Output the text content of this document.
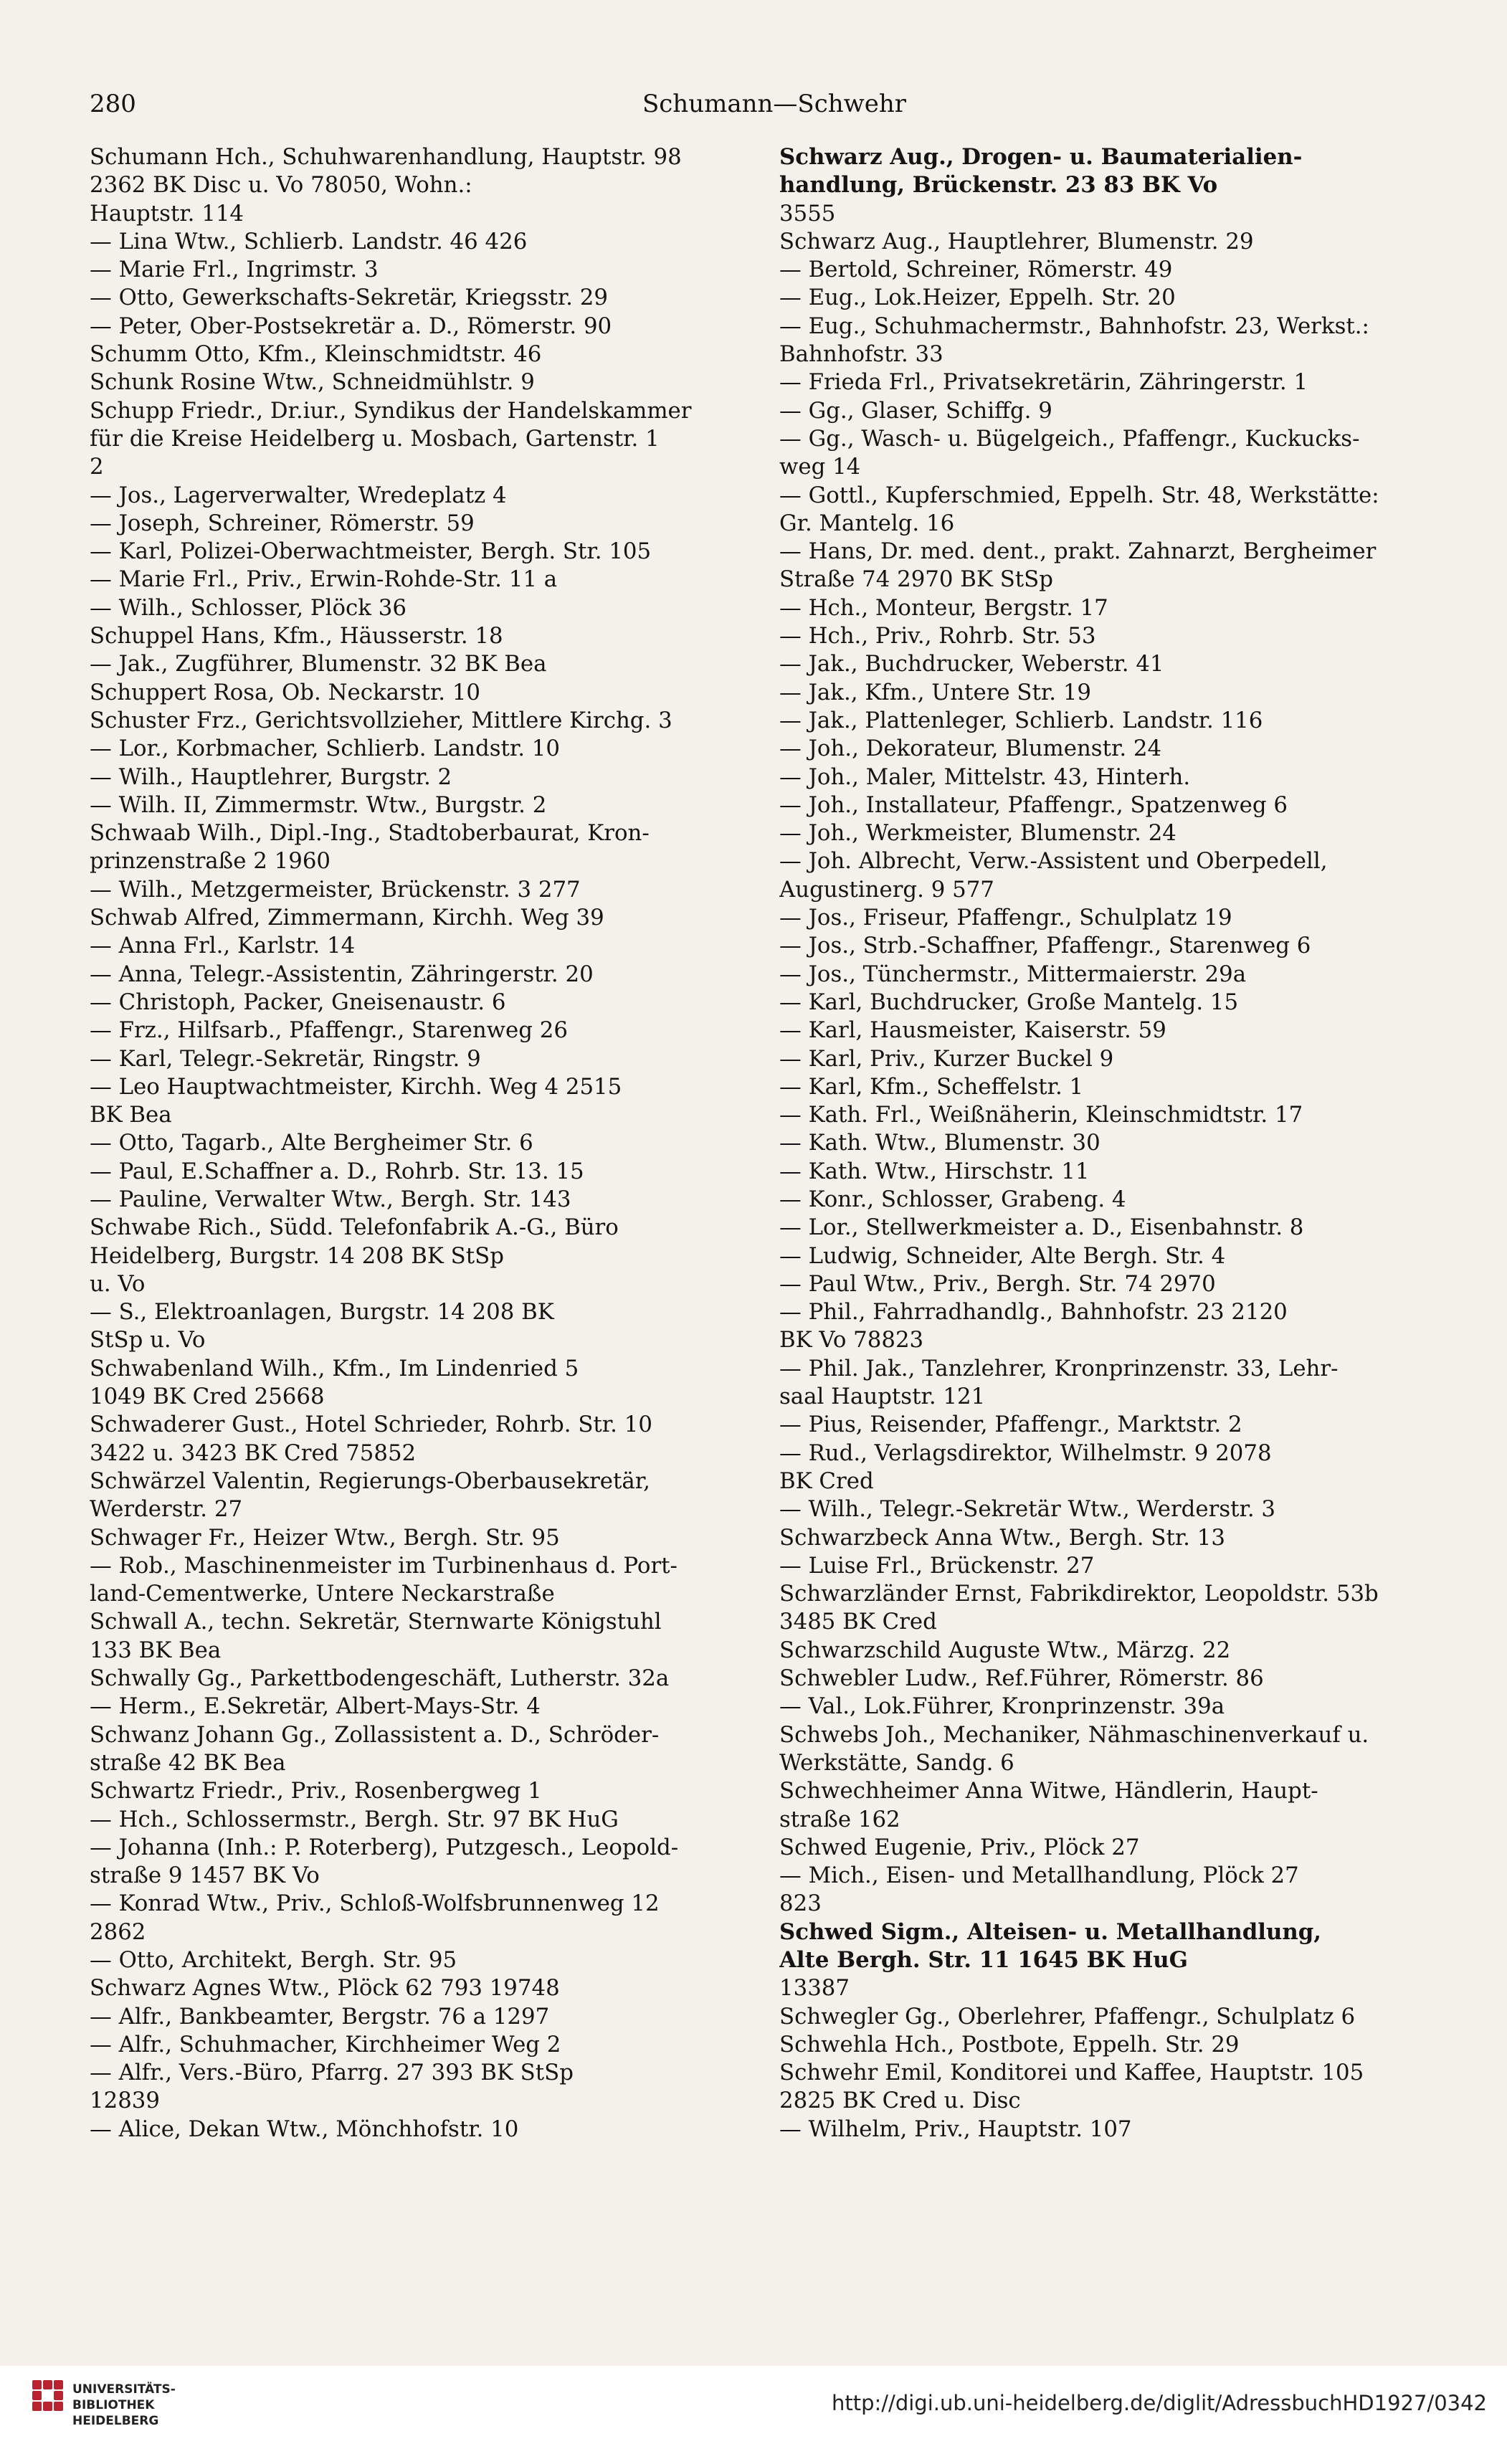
280	Schumann—Schwehr
Schumann Hch., Schuhwarenhandlung, Hauptstr. 98
2362 BK Disc u. Vo 78050, Wohn.:
Hauptstr. 114
— Lina Wtw., Schlierb. Landstr. 46 426
— Marie Frl., Ingrimstr. 3
— Otto, Gewerkschafts-Sekretär, Kriegsstr. 29
— Peter, Ober-Postsekretär a. D., Römerstr. 90
Schumm Otto, Kfm., Kleinschmidtstr. 46
Schunk Rosine Wtw., Schneidmühlstr. 9
Schupp Friedr., Dr.iur., Syndikus der Handelskammer
für die Kreise Heidelberg u. Mosbach, Gartenstr. 1
2
— Jos., Lagerverwalter, Wredeplatz 4
— Joseph, Schreiner, Römerstr. 59
— Karl, Polizei-Oberwachtmeister, Bergh. Str. 105
— Marie Frl., Priv., Erwin-Rohde-Str. 11 a
— Wilh., Schlosser, Plöck 36
Schuppel Hans, Kfm., Häusserstr. 18
— Jak., Zugführer, Blumenstr. 32 BK Bea
Schuppert Rosa, Ob. Neckarstr. 10
Schuster Frz., Gerichtsvollzieher, Mittlere Kirchg. 3
— Lor., Korbmacher, Schlierb. Landstr. 10
— Wilh., Hauptlehrer, Burgstr. 2
— Wilh. II, Zimmermstr. Wtw., Burgstr. 2
Schwaab Wilh., Dipl.-Ing., Stadtoberbaurat, Kron-
prinzenstraße 2 1960
— Wilh., Metzgermeister, Brückenstr. 3 277
Schwab Alfred, Zimmermann, Kirchh. Weg 39
— Anna Frl., Karlstr. 14
— Anna, Telegr.-Assistentin, Zähringerstr. 20
— Christoph, Packer, Gneisenaustr. 6
— Frz., Hilfsarb., Pfaffengr., Starenweg 26
— Karl, Telegr.-Sekretär, Ringstr. 9
— Leo Hauptwachtmeister, Kirchh. Weg 4 2515
BK Bea
— Otto, Tagarb., Alte Bergheimer Str. 6
— Paul, E.Schaffner a. D., Rohrb. Str. 13. 15
— Pauline, Verwalter Wtw., Bergh. Str. 143
Schwabe Rich., Südd. Telefonfabrik A.-G., Büro
Heidelberg, Burgstr. 14 208 BK StSp
u. Vo
— S., Elektroanlagen, Burgstr. 14 208 BK
StSp u. Vo
Schwabenland Wilh., Kfm., Im Lindenried 5
1049 BK Cred 25668
Schwaderer Gust., Hotel Schrieder, Rohrb. Str. 10
3422 u. 3423 BK Cred 75852
Schwärzel Valentin, Regierungs-Oberbausekretär,
Werderstr. 27
Schwager Fr., Heizer Wtw., Bergh. Str. 95
— Rob., Maschinenmeister im Turbinenhaus d. Port-
land-Cementwerke, Untere Neckarstraße
Schwall A., techn. Sekretär, Sternwarte Königstuhl
133 BK Bea
Schwally Gg., Parkettbodengeschäft, Lutherstr. 32a
— Herm., E.Sekretär, Albert-Mays-Str. 4
Schwanz Johann Gg., Zollassistent a. D., Schröder-
straße 42 BK Bea
Schwartz Friedr., Priv., Rosenbergweg 1
— Hch., Schlossermstr., Bergh. Str. 97 BK HuG
— Johanna (Inh.: P. Roterberg), Putzgesch., Leopold-
straße 9 1457 BK Vo
— Konrad Wtw., Priv., Schloß-Wolfsbrunnenweg 12
2862
— Otto, Architekt, Bergh. Str. 95
Schwarz Agnes Wtw., Plöck 62 793 19748
— Alfr., Bankbeamter, Bergstr. 76 a 1297
— Alfr., Schuhmacher, Kirchheimer Weg 2
— Alfr., Vers.-Büro, Pfarrg. 27 393 BK StSp
12839
— Alice, Dekan Wtw., Mönchhofstr. 10
Schwarz Aug., Drogen- u. Baumaterialien-
handlung, Brückenstr. 23 83 BK Vo
3555
Schwarz Aug., Hauptlehrer, Blumenstr. 29
— Bertold, Schreiner, Römerstr. 49
— Eug., Lok.Heizer, Eppelh. Str. 20
— Eug., Schuhmachermstr., Bahnhofstr. 23, Werkst.:
Bahnhofstr. 33
— Frieda Frl., Privatsekretärin, Zähringerstr. 1
— Gg., Glaser, Schiffg. 9
— Gg., Wasch- u. Bügelgeich., Pfaffengr., Kuckucks-
weg 14
— Gottl., Kupferschmied, Eppelh. Str. 48, Werkstätte:
Gr. Mantelg. 16
— Hans, Dr. med. dent., prakt. Zahnarzt, Bergheimer
Straße 74 2970 BK StSp
— Hch., Monteur, Bergstr. 17
— Hch., Priv., Rohrb. Str. 53
— Jak., Buchdrucker, Weberstr. 41
— Jak., Kfm., Untere Str. 19
— Jak., Plattenleger, Schlierb. Landstr. 116
— Joh., Dekorateur, Blumenstr. 24
— Joh., Maler, Mittelstr. 43, Hinterh.
— Joh., Installateur, Pfaffengr., Spatzenweg 6
— Joh., Werkmeister, Blumenstr. 24
— Joh. Albrecht, Verw.-Assistent und Oberpedell,
Augustinerg. 9 577
— Jos., Friseur, Pfaffengr., Schulplatz 19
— Jos., Strb.-Schaffner, Pfaffengr., Starenweg 6
— Jos., Tünchermstr., Mittermaierstr. 29a
— Karl, Buchdrucker, Große Mantelg. 15
— Karl, Hausmeister, Kaiserstr. 59
— Karl, Priv., Kurzer Buckel 9
— Karl, Kfm., Scheffelstr. 1
— Kath. Frl., Weißnäherin, Kleinschmidtstr. 17
— Kath. Wtw., Blumenstr. 30
— Kath. Wtw., Hirschstr. 11
— Konr., Schlosser, Grabeng. 4
— Lor., Stellwerkmeister a. D., Eisenbahnstr. 8
— Ludwig, Schneider, Alte Bergh. Str. 4
— Paul Wtw., Priv., Bergh. Str. 74 2970
— Phil., Fahrradhandlg., Bahnhofstr. 23 2120
BK Vo 78823
— Phil. Jak., Tanzlehrer, Kronprinzenstr. 33, Lehr-
saal Hauptstr. 121
— Pius, Reisender, Pfaffengr., Marktstr. 2
— Rud., Verlagsdirektor, Wilhelmstr. 9 2078
BK Cred
— Wilh., Telegr.-Sekretär Wtw., Werderstr. 3
Schwarzbeck Anna Wtw., Bergh. Str. 13
— Luise Frl., Brückenstr. 27
Schwarzländer Ernst, Fabrikdirektor, Leopoldstr. 53b
3485 BK Cred
Schwarzschild Auguste Wtw., Märzg. 22
Schwebler Ludw., Ref.Führer, Römerstr. 86
— Val., Lok.Führer, Kronprinzenstr. 39a
Schwebs Joh., Mechaniker, Nähmaschinenverkauf u.
Werkstätte, Sandg. 6
Schwechheimer Anna Witwe, Händlerin, Haupt-
straße 162
Schwed Eugenie, Priv., Plöck 27
— Mich., Eisen- und Metallhandlung, Plöck 27
823
Schwed Sigm., Alteisen- u. Metallhandlung,
Alte Bergh. Str. 11 1645 BK HuG
13387
Schwegler Gg., Oberlehrer, Pfaffengr., Schulplatz 6
Schwehla Hch., Postbote, Eppelh. Str. 29
Schwehr Emil, Konditorei und Kaffee, Hauptstr. 105
2825 BK Cred u. Disc
— Wilhelm, Priv., Hauptstr. 107
UNIVERSITÄTS-
BIBLIOTHEK
HEIDELBERG
http://digi.ub.uni-heidelberg.de/diglit/AdressbuchHD1927/0342
